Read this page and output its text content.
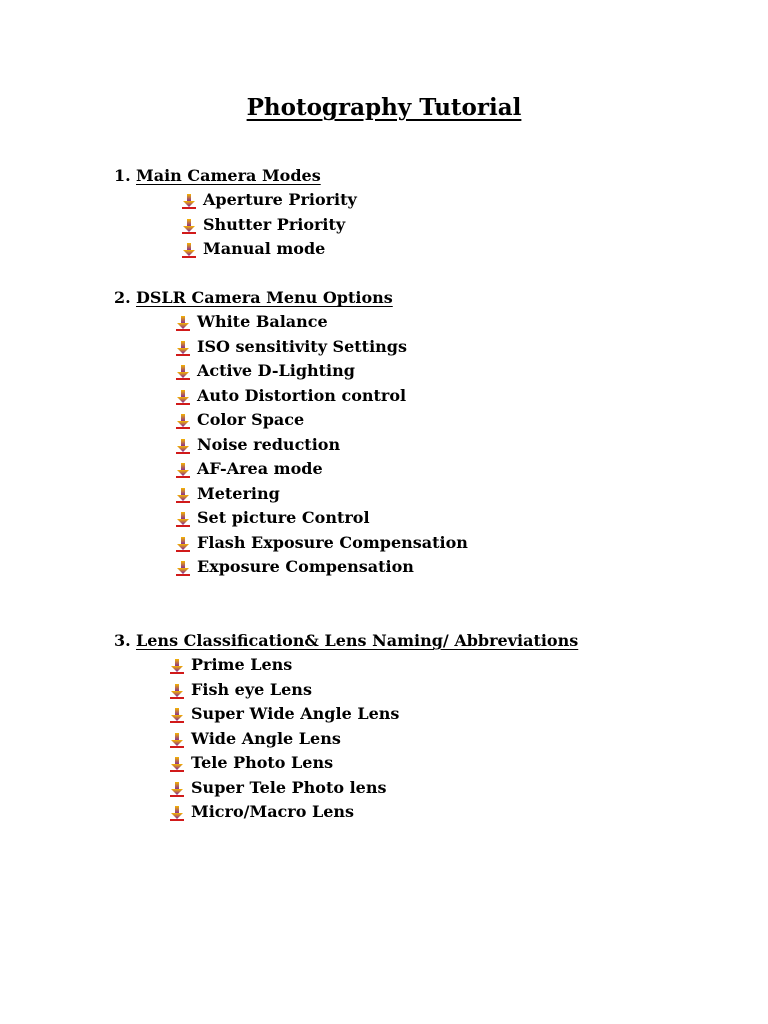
Photography Tutorial
1. Main Camera Modes
Aperture Priority
Shutter Priority
Manual mode
2. DSLR Camera Menu Options
White Balance
ISO sensitivity Settings
Active D-Lighting
Auto Distortion control
Color Space
Noise reduction
AF-Area mode
Metering
Set picture Control
Flash Exposure Compensation
Exposure Compensation
3. Lens Classification& Lens Naming/ Abbreviations
Prime Lens
Fish eye Lens
Super Wide Angle Lens
Wide Angle Lens
Tele Photo Lens
Super Tele Photo lens
Micro/Macro Lens
